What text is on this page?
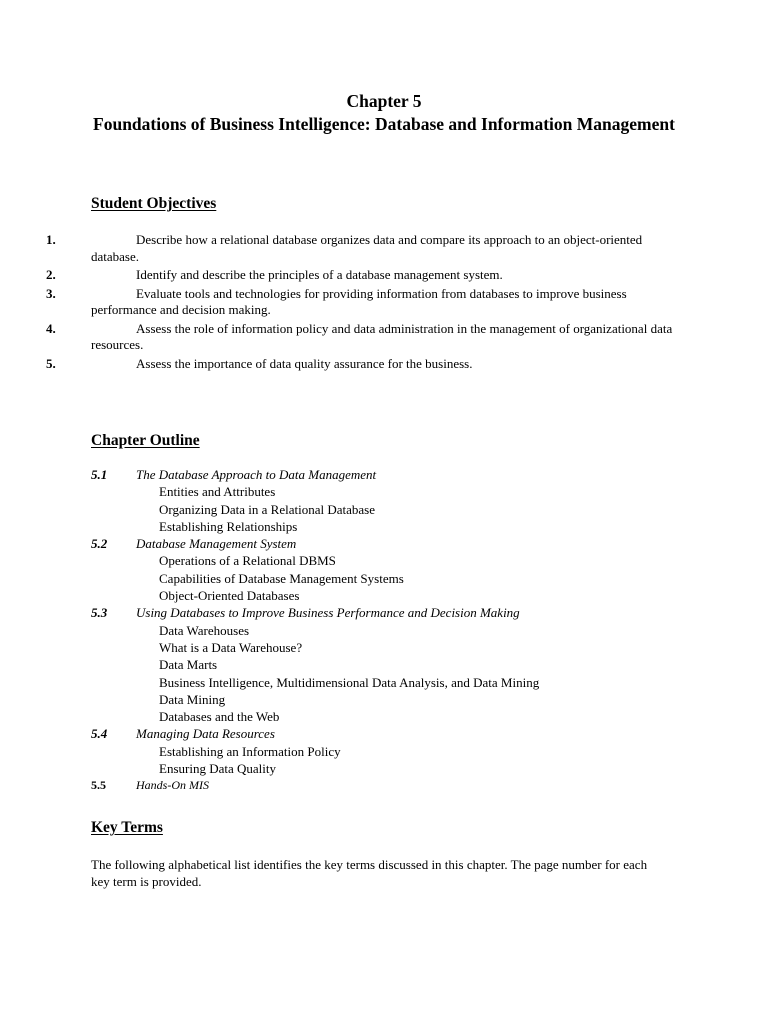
Chapter 5
Foundations of Business Intelligence: Database and Information Management
Student Objectives
1.	Describe how a relational database organizes data and compare its approach to an object-oriented database.
2.	Identify and describe the principles of a database management system.
3.	Evaluate tools and technologies for providing information from databases to improve business performance and decision making.
4.	Assess the role of information policy and data administration in the management of organizational data resources.
5.	Assess the importance of data quality assurance for the business.
Chapter Outline
5.1 The Database Approach to Data Management
Entities and Attributes
Organizing Data in a Relational Database
Establishing Relationships
5.2 Database Management System
Operations of a Relational DBMS
Capabilities of Database Management Systems
Object-Oriented Databases
5.3 Using Databases to Improve Business Performance and Decision Making
Data Warehouses
What is a Data Warehouse?
Data Marts
Business Intelligence, Multidimensional Data Analysis, and Data Mining
Data Mining
Databases and the Web
5.4 Managing Data Resources
Establishing an Information Policy
Ensuring Data Quality
5.5	Hands-On MIS
Key Terms
The following alphabetical list identifies the key terms discussed in this chapter. The page number for each key term is provided.
